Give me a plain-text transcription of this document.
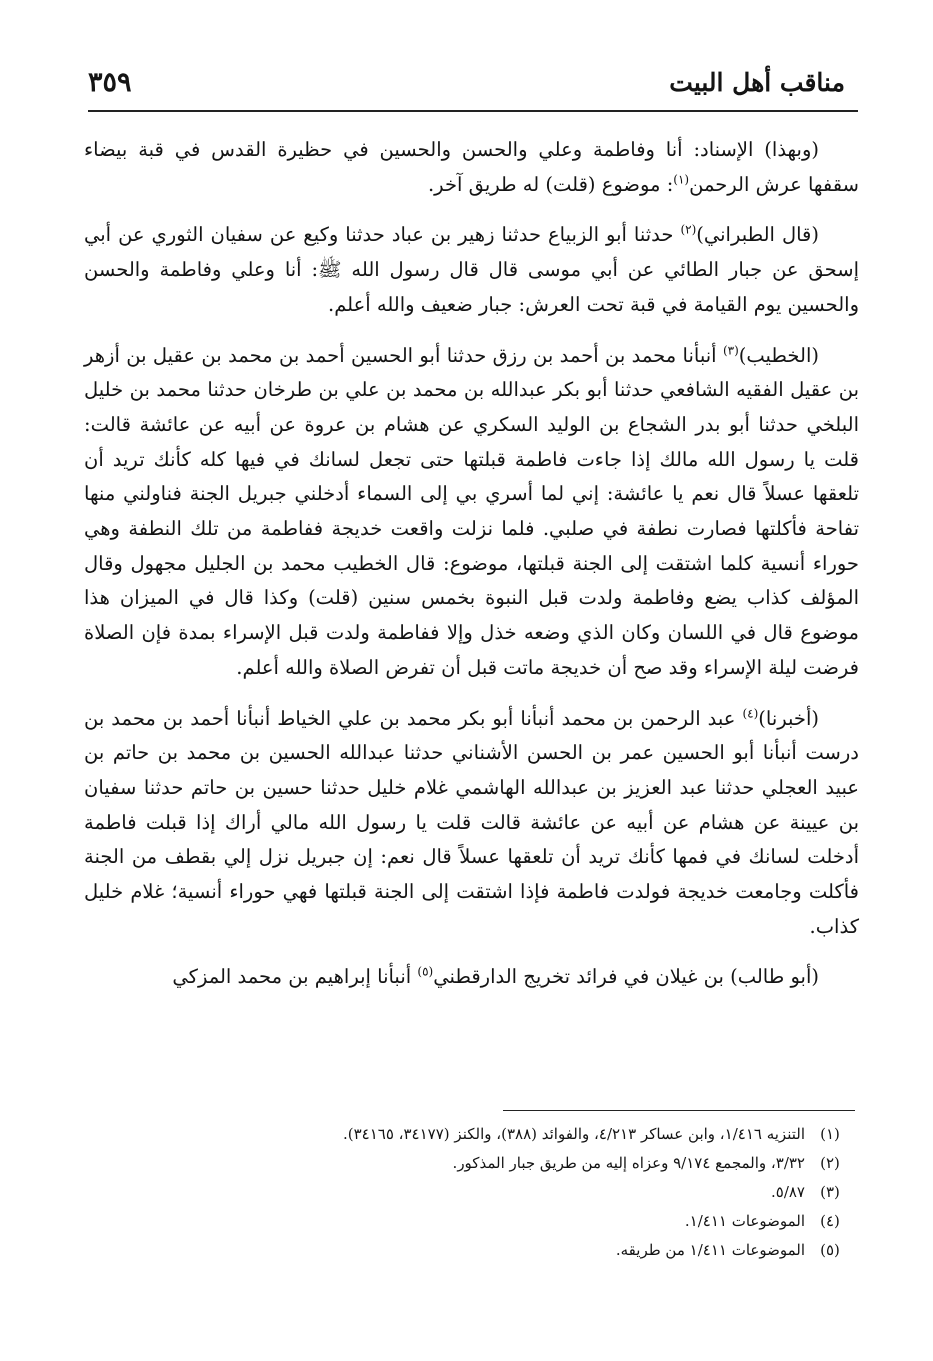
مناقب أهل البيت
٣٥٩

(وبهذا) الإسناد: أنا وفاطمة وعلي والحسن والحسين في حظيرة القدس في قبة بيضاء سقفها عرش الرحمن$^{(١)}$: موضوع (قلت) له طريق آخر.

(قال الطبراني)$^{(٢)}$ حدثنا أبو الزبياع حدثنا زهير بن عباد حدثنا وكيع عن سفيان الثوري عن أبي إسحق عن جبار الطائي عن أبي موسى قال قال رسول الله ﷺ: أنا وعلي وفاطمة والحسن والحسين يوم القيامة في قبة تحت العرش: جبار ضعيف والله أعلم.

(الخطيب)$^{(٣)}$ أنبأنا محمد بن أحمد بن رزق حدثنا أبو الحسين أحمد بن محمد بن عقيل بن أزهر بن عقيل الفقيه الشافعي حدثنا أبو بكر عبدالله بن محمد بن علي بن طرخان حدثنا محمد بن خليل البلخي حدثنا أبو بدر الشجاع بن الوليد السكري عن هشام بن عروة عن أبيه عن عائشة قالت: قلت يا رسول الله مالك إذا جاءت فاطمة قبلتها حتى تجعل لسانك في فيها كله كأنك تريد أن تلعقها عسلاً قال نعم يا عائشة: إني لما أسري بي إلى السماء أدخلني جبريل الجنة فناولني منها تفاحة فأكلتها فصارت نطفة في صلبي. فلما نزلت واقعت خديجة ففاطمة من تلك النطفة وهي حوراء أنسية كلما اشتقت إلى الجنة قبلتها، موضوع: قال الخطيب محمد بن الجليل مجهول وقال المؤلف كذاب يضع وفاطمة ولدت قبل النبوة بخمس سنين (قلت) وكذا قال في الميزان هذا موضوع قال في اللسان وكان الذي وضعه خذل وإلا ففاطمة ولدت قبل الإسراء بمدة فإن الصلاة فرضت ليلة الإسراء وقد صح أن خديجة ماتت قبل أن تفرض الصلاة والله أعلم.

(أخبرنا)$^{(٤)}$ عبد الرحمن بن محمد أنبأنا أبو بكر محمد بن علي الخياط أنبأنا أحمد بن محمد بن درست أنبأنا أبو الحسين عمر بن الحسن الأشناني حدثنا عبدالله الحسين بن محمد بن حاتم بن عبيد العجلي حدثنا عبد العزيز بن عبدالله الهاشمي غلام خليل حدثنا حسين بن حاتم حدثنا سفيان بن عيينة عن هشام عن أبيه عن عائشة قالت قلت يا رسول الله مالي أراك إذا قبلت فاطمة أدخلت لسانك في فمها كأنك تريد أن تلعقها عسلاً قال نعم: إن جبريل نزل إلي بقطف من الجنة فأكلت وجامعت خديجة فولدت فاطمة فإذا اشتقت إلى الجنة قبلتها فهي حوراء أنسية؛ غلام خليل كذاب.

(أبو طالب) بن غيلان في فرائد تخريج الدارقطني$^{(٥)}$ أنبأنا إبراهيم بن محمد المزكي

(١)
التنزيه ١/٤١٦، وابن عساكر ٤/٢١٣، والفوائد (٣٨٨)، والكنز (٣٤١٧٧، ٣٤١٦٥).
(٢)
٣/٣٢، والمجمع ٩/١٧٤ وعزاه إليه من طريق جبار المذكور.
(٣)
٥/٨٧.
(٤)
الموضوعات ١/٤١١.
(٥)
الموضوعات ١/٤١١ من طريقه.
